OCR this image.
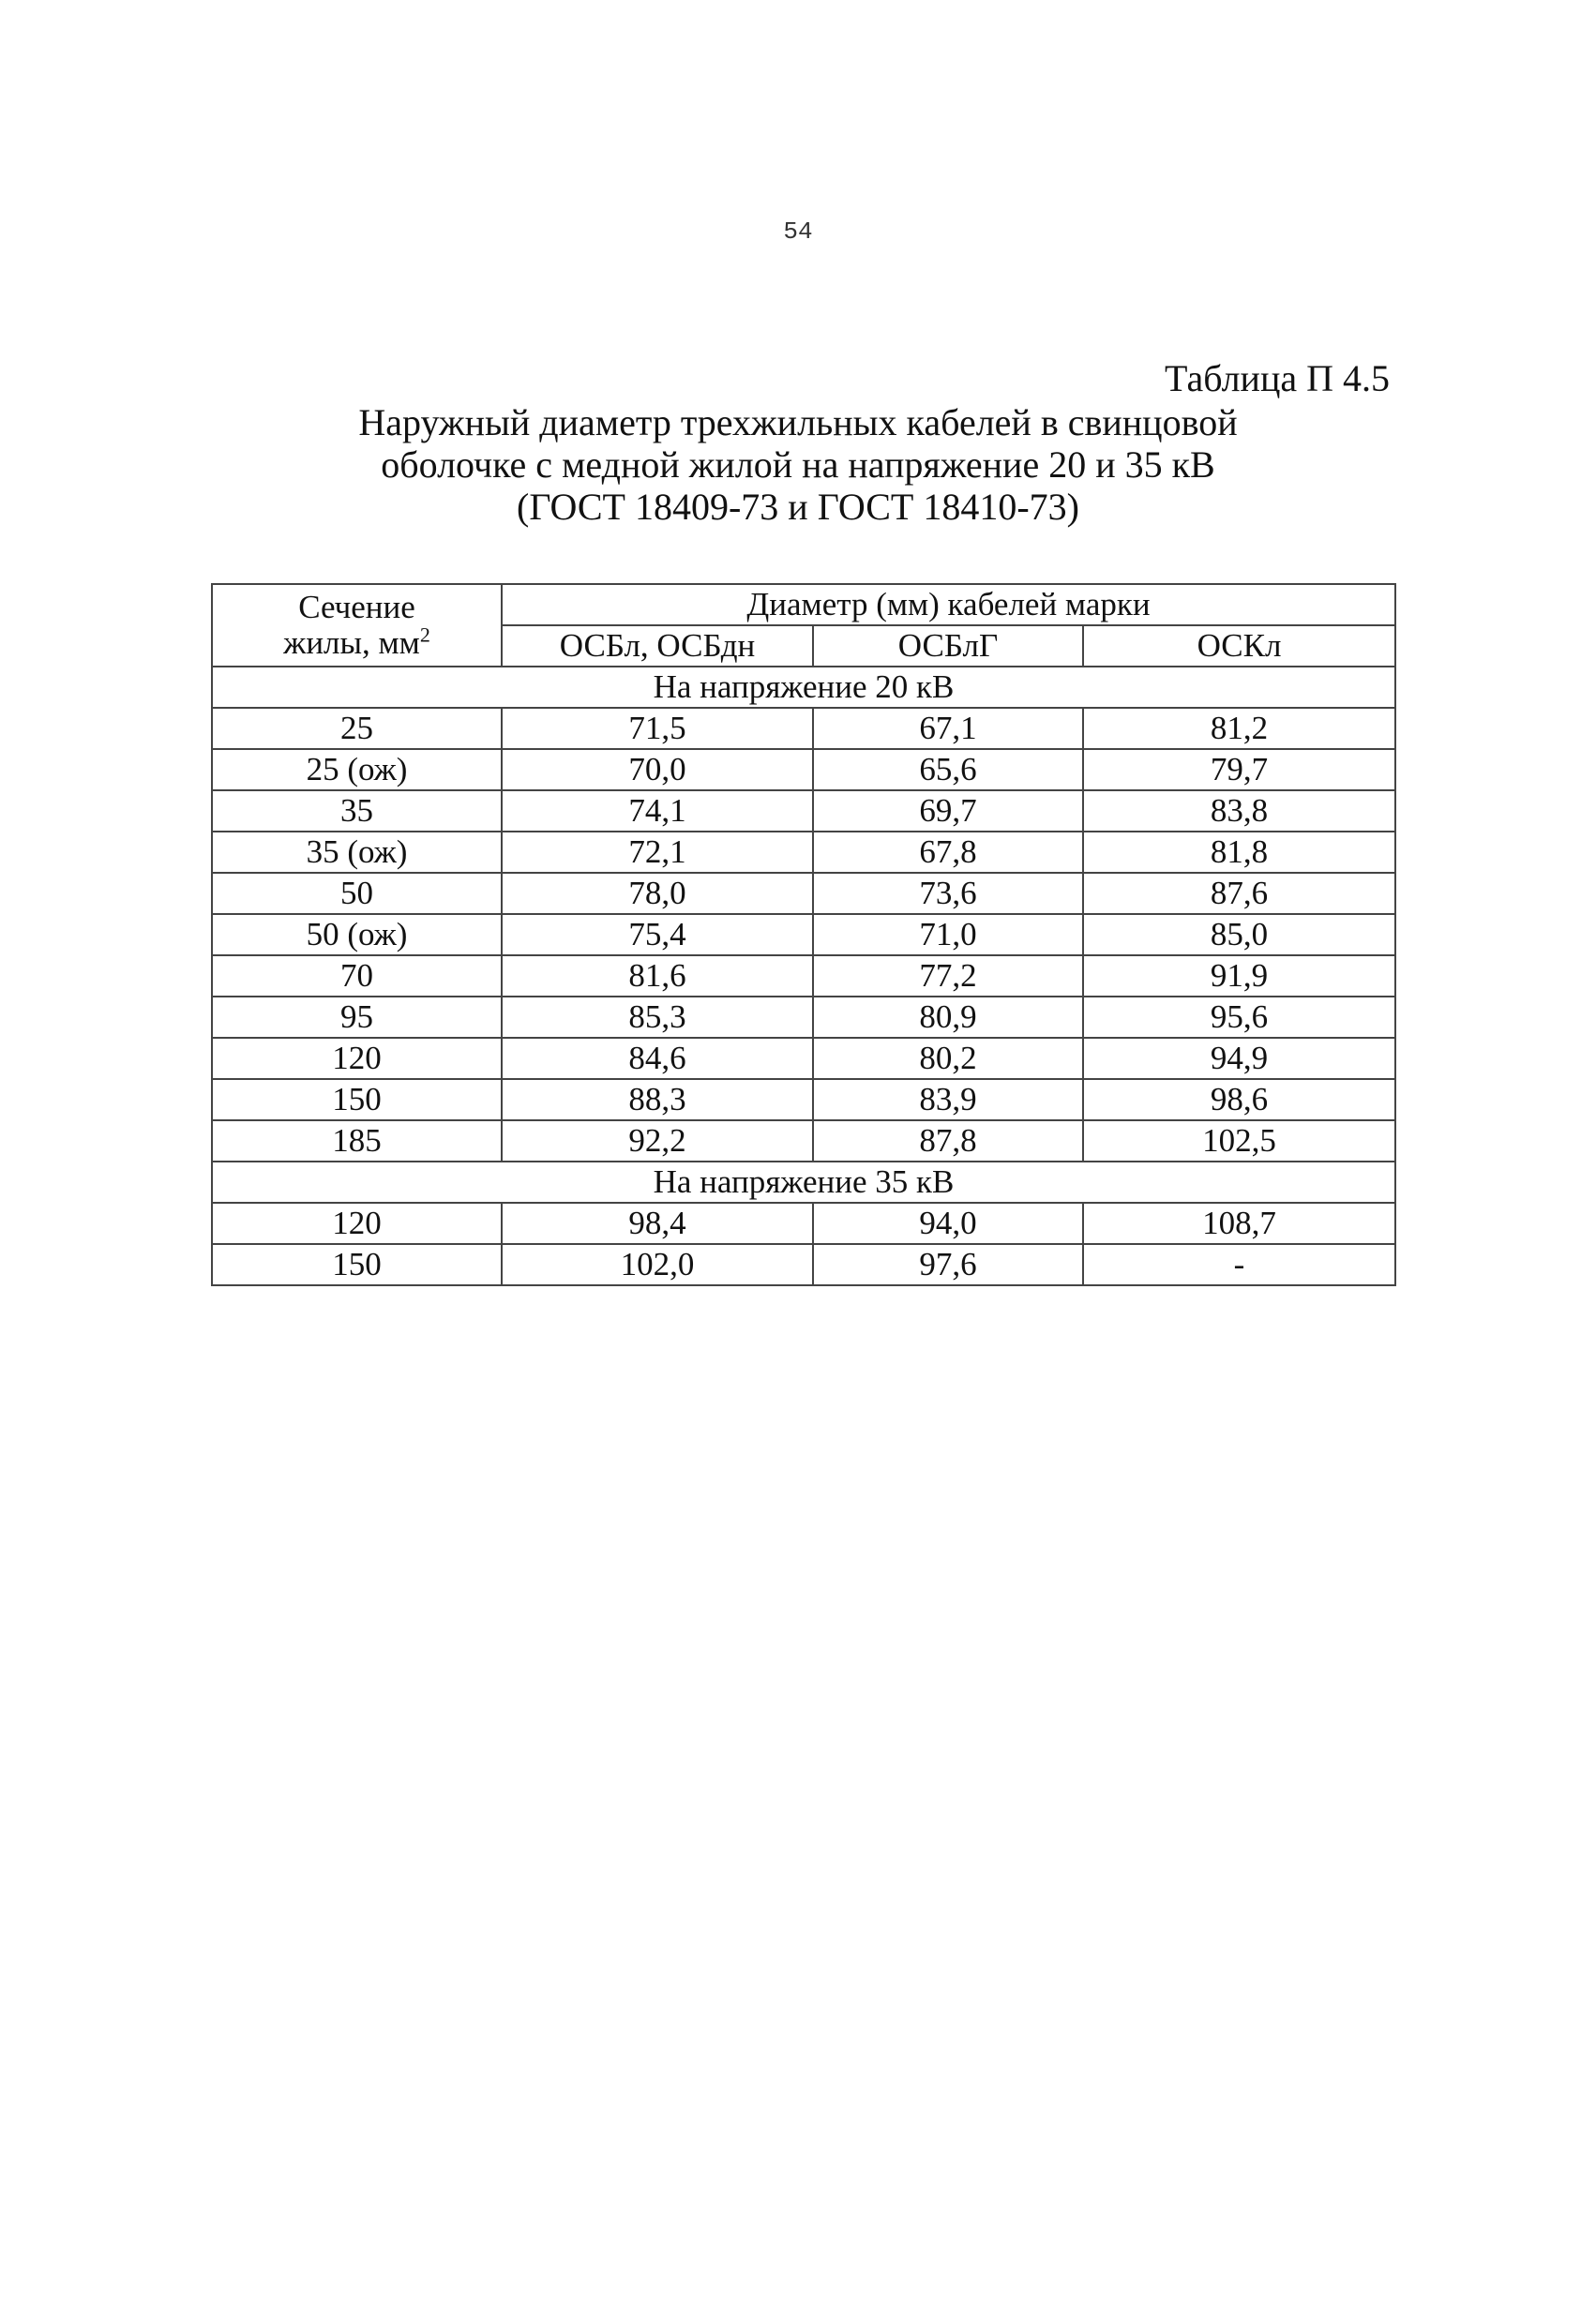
54
Таблица П 4.5
Наружный диаметр трехжильных кабелей в свинцовой
оболочке с медной жилой на напряжение 20 и 35 кВ
(ГОСТ 18409-73 и ГОСТ 18410-73)
Сечение
жилы, $мм^2$	Диаметр (мм) кабелей марки		
	ОСБл, ОСБдн	ОСБлГ	ОСКл
На напряжение 20 кВ			
25	71,5	67,1	81,2
25 (ож)	70,0	65,6	79,7
35	74,1	69,7	83,8
35 (ож)	72,1	67,8	81,8
50	78,0	73,6	87,6
50 (ож)	75,4	71,0	85,0
70	81,6	77,2	91,9
95	85,3	80,9	95,6
120	84,6	80,2	94,9
150	88,3	83,9	98,6
185	92,2	87,8	102,5
На напряжение 35 кВ			
120	98,4	94,0	108,7
150	102,0	97,6	-
